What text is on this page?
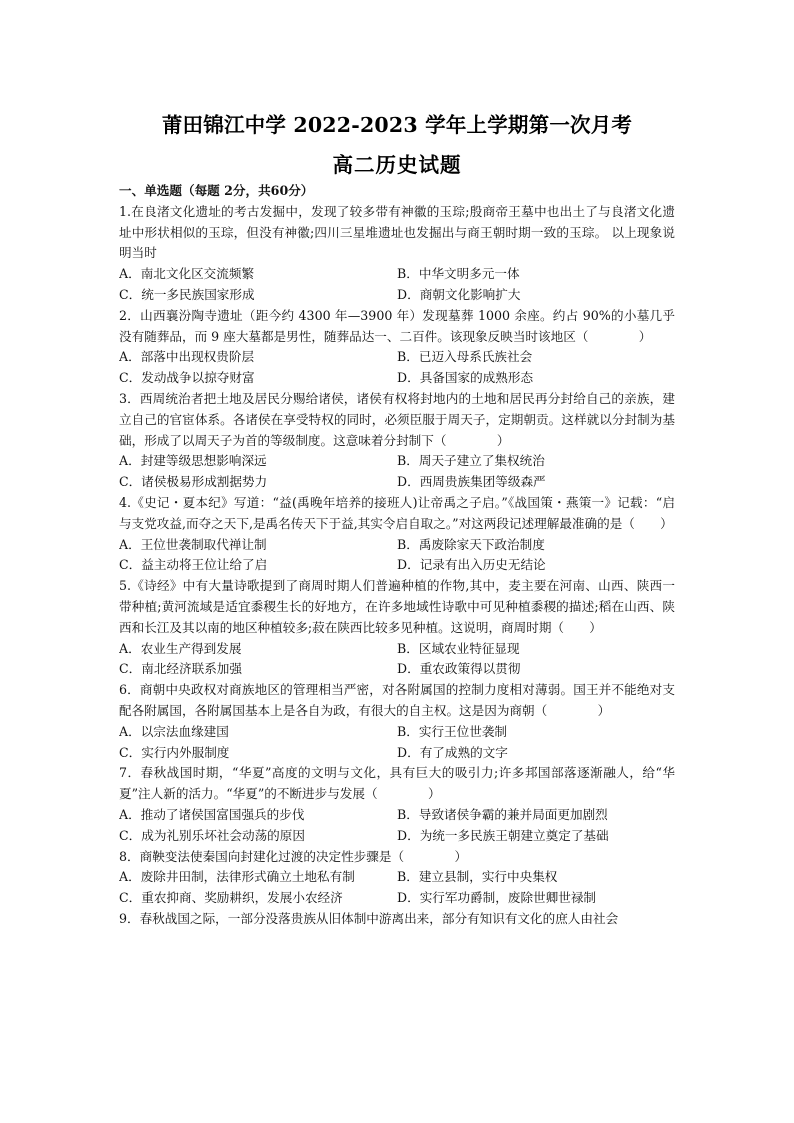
莆田锦江中学 2022-2023 学年上学期第一次月考
高二历史试题
一、单选题（每题 2分，共60分）
1.在良渚文化遗址的考古发掘中，发现了较多带有神徽的玉琮;殷商帝王墓中也出土了与良渚文化遗址中形状相似的玉琮，但没有神徽;四川三星堆遗址也发掘出与商王朝时期一致的玉琮。 以上现象说明当时
A．南北文化区交流频繁	B．中华文明多元一体
C．统一多民族国家形成	D．商朝文化影响扩大
2．山西襄汾陶寺遗址（距今约 4300 年—3900 年）发现墓葬 1000 余座。约占 90%的小墓几乎没有随葬品，而 9 座大墓都是男性，随葬品达一、二百件。该现象反映当时该地区（　　　　）
A．部落中出现权贵阶层	B．已迈入母系氏族社会
C．发动战争以掠夺财富	D．具备国家的成熟形态
3．西周统治者把土地及居民分赐给诸侯，诸侯有权将封地内的土地和居民再分封给自己的亲族，建立自己的官宦体系。各诸侯在享受特权的同时，必须臣服于周天子，定期朝贡。这样就以分封制为基础，形成了以周天子为首的等级制度。这意味着分封制下（　　　　）
A．封建等级思想影响深远	B．周天子建立了集权统治
C．诸侯极易形成割据势力	D．西周贵族集团等级森严
4.《史记・夏本纪》写道：“益(禹晚年培养的接班人)让帝禹之子启。”《战国策・燕策一》记载：“启与支党攻益,而夺之天下,是禹名传天下于益,其实令启自取之。”对这两段记述理解最准确的是（　　）
A．王位世袭制取代禅让制	B．禹废除家天下政治制度
C．益主动将王位让给了启	D．记录有出入历史无结论
5.《诗经》中有大量诗歌提到了商周时期人们普遍种植的作物,其中，麦主要在河南、山西、陕西一带种植;黄河流域是适宜黍稷生长的好地方，在许多地域性诗歌中可见种植黍稷的描述;稻在山西、陕西和长江及其以南的地区种植较多;菽在陕西比较多见种植。这说明，商周时期（　　）
A．农业生产得到发展	B．区域农业特征显现
C．南北经济联系加强	D．重农政策得以贯彻
6．商朝中央政权对商族地区的管理相当严密，对各附属国的控制力度相对薄弱。国王并不能绝对支配各附属国，各附属国基本上是各自为政，有很大的自主权。这是因为商朝（　　　　）
A．以宗法血缘建国	B．实行王位世袭制
C．实行内外服制度	D．有了成熟的文字
7．春秋战国时期，“华夏”高度的文明与文化，具有巨大的吸引力;许多邦国部落逐渐融人，给“华夏”注人新的活力。“华夏”的不断进步与发展（　　　　）
A．推动了诸侯国富国强兵的步伐	B．导致诸侯争霸的兼并局面更加剧烈
C．成为礼别乐坏社会动荡的原因	D．为统一多民族王朝建立奠定了基础
8．商鞅变法使秦国向封建化过渡的决定性步骤是（　　　　）
A．废除井田制，法律形式确立土地私有制	B．建立县制，实行中央集权
C．重农抑商、奖励耕织，发展小农经济	D．实行军功爵制，废除世卿世禄制
9．春秋战国之际，一部分没落贵族从旧体制中游离出来，部分有知识有文化的庶人由社会
